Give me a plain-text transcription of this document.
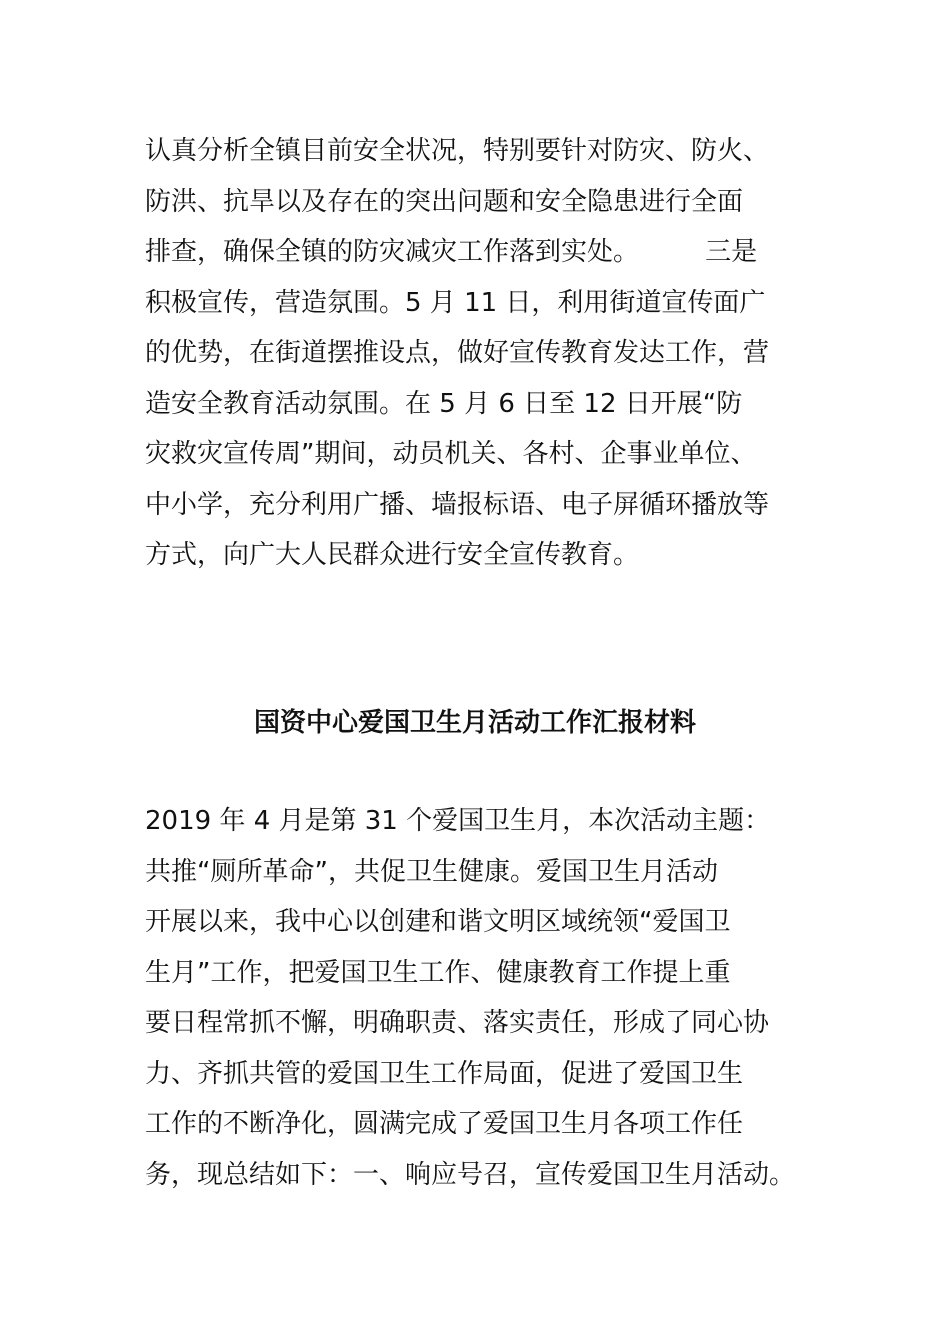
认真分析全镇目前安全状况，特别要针对防灾、防火、
防洪、抗旱以及存在的突出问题和安全隐患进行全面
排查，确保全镇的防灾减灾工作落到实处。        三是
积极宣传，营造氛围。5 月 11 日，利用街道宣传面广
的优势，在街道摆推设点，做好宣传教育发达工作，营
造安全教育活动氛围。在 5 月 6 日至 12 日开展“防
灾救灾宣传周”期间，动员机关、各村、企事业单位、
中小学，充分利用广播、墙报标语、电子屏循环播放等
方式，向广大人民群众进行安全宣传教育。
国资中心爱国卫生月活动工作汇报材料
2019 年 4 月是第 31 个爱国卫生月，本次活动主题：
共推“厕所革命”，共促卫生健康。爱国卫生月活动
开展以来，我中心以创建和谐文明区域统领“爱国卫
生月”工作，把爱国卫生工作、健康教育工作提上重
要日程常抓不懈，明确职责、落实责任，形成了同心协
力、齐抓共管的爱国卫生工作局面，促进了爱国卫生
工作的不断净化，圆满完成了爱国卫生月各项工作任
务，现总结如下：一、响应号召，宣传爱国卫生月活动。
